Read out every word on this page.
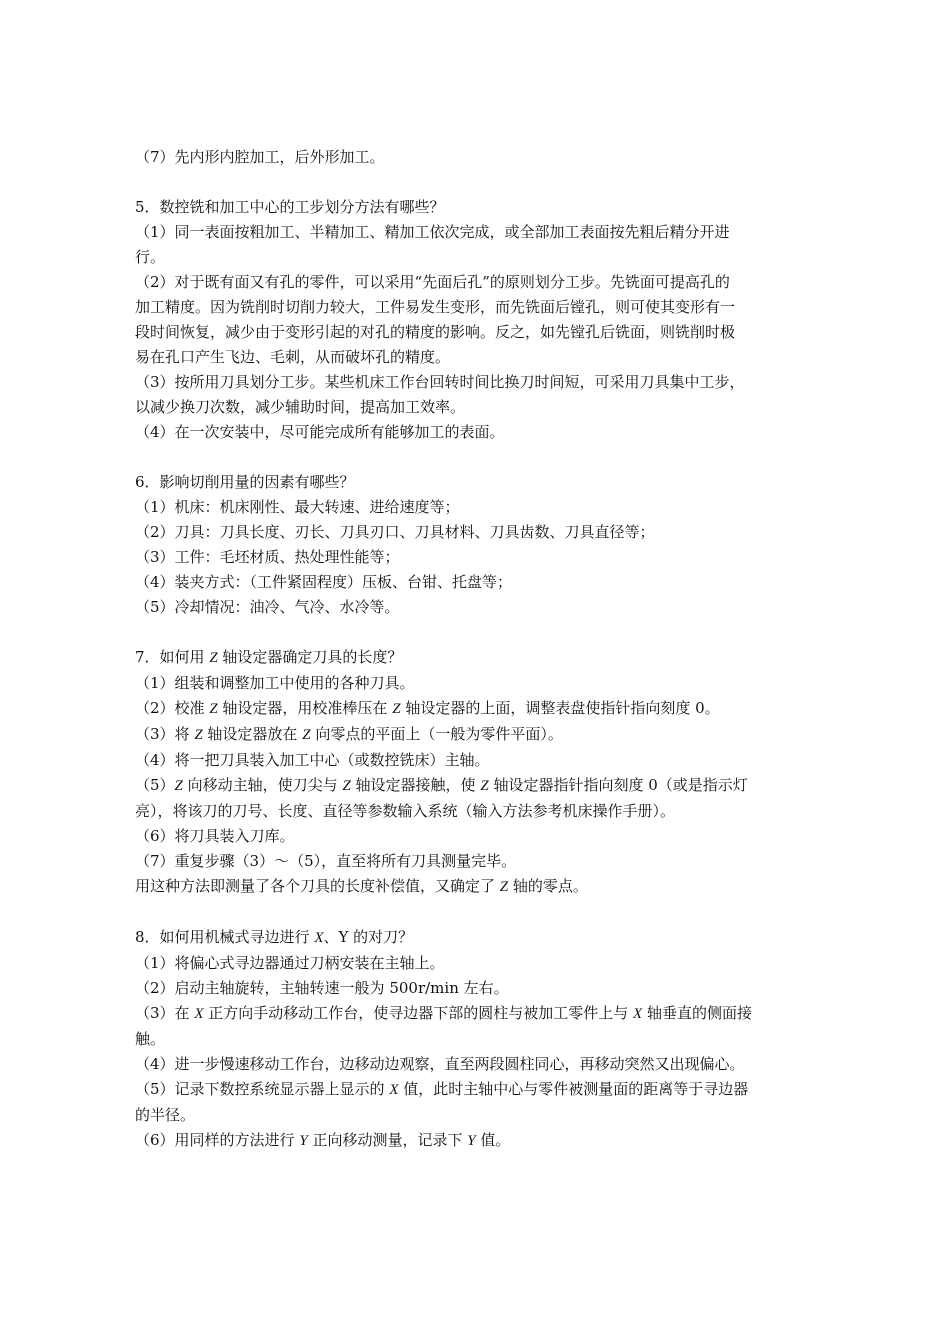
（7）先内形内腔加工，后外形加工。
5．数控铣和加工中心的工步划分方法有哪些？
（1）同一表面按粗加工、半精加工、精加工依次完成，或全部加工表面按先粗后精分开进
行。
（2）对于既有面又有孔的零件，可以采用“先面后孔”的原则划分工步。先铣面可提高孔的
加工精度。因为铣削时切削力较大，工件易发生变形，而先铣面后镗孔，则可使其变形有一
段时间恢复，减少由于变形引起的对孔的精度的影响。反之，如先镗孔后铣面，则铣削时极
易在孔口产生飞边、毛刺，从而破坏孔的精度。
（3）按所用刀具划分工步。某些机床工作台回转时间比换刀时间短，可采用刀具集中工步，
以减少换刀次数，减少辅助时间，提高加工效率。
（4）在一次安装中，尽可能完成所有能够加工的表面。
6．影响切削用量的因素有哪些？
（1）机床：机床刚性、最大转速、进给速度等；
（2）刀具：刀具长度、刃长、刀具刃口、刀具材料、刀具齿数、刀具直径等；
（3）工件：毛坯材质、热处理性能等；
（4）装夹方式：（工件紧固程度）压板、台钳、托盘等；
（5）冷却情况：油冷、气冷、水冷等。
7．如何用 Z 轴设定器确定刀具的长度？
（1）组装和调整加工中使用的各种刀具。
（2）校准 Z 轴设定器，用校准棒压在 Z 轴设定器的上面，调整表盘使指针指向刻度 0。
（3）将 Z 轴设定器放在 Z 向零点的平面上（一般为零件平面）。
（4）将一把刀具装入加工中心（或数控铣床）主轴。
（5）Z 向移动主轴，使刀尖与 Z 轴设定器接触，使 Z 轴设定器指针指向刻度 0（或是指示灯
亮），将该刀的刀号、长度、直径等参数输入系统（输入方法参考机床操作手册）。
（6）将刀具装入刀库。
（7）重复步骤（3）～（5），直至将所有刀具测量完毕。
用这种方法即测量了各个刀具的长度补偿值，又确定了 Z 轴的零点。
8．如何用机械式寻边进行 X、Y 的对刀？
（1）将偏心式寻边器通过刀柄安装在主轴上。
（2）启动主轴旋转，主轴转速一般为 500r/min 左右。
（3）在 X 正方向手动移动工作台，使寻边器下部的圆柱与被加工零件上与 X 轴垂直的侧面接
触。
（4）进一步慢速移动工作台，边移动边观察，直至两段圆柱同心，再移动突然又出现偏心。
（5）记录下数控系统显示器上显示的 X 值，此时主轴中心与零件被测量面的距离等于寻边器
的半径。
（6）用同样的方法进行 Y 正向移动测量，记录下 Y 值。
